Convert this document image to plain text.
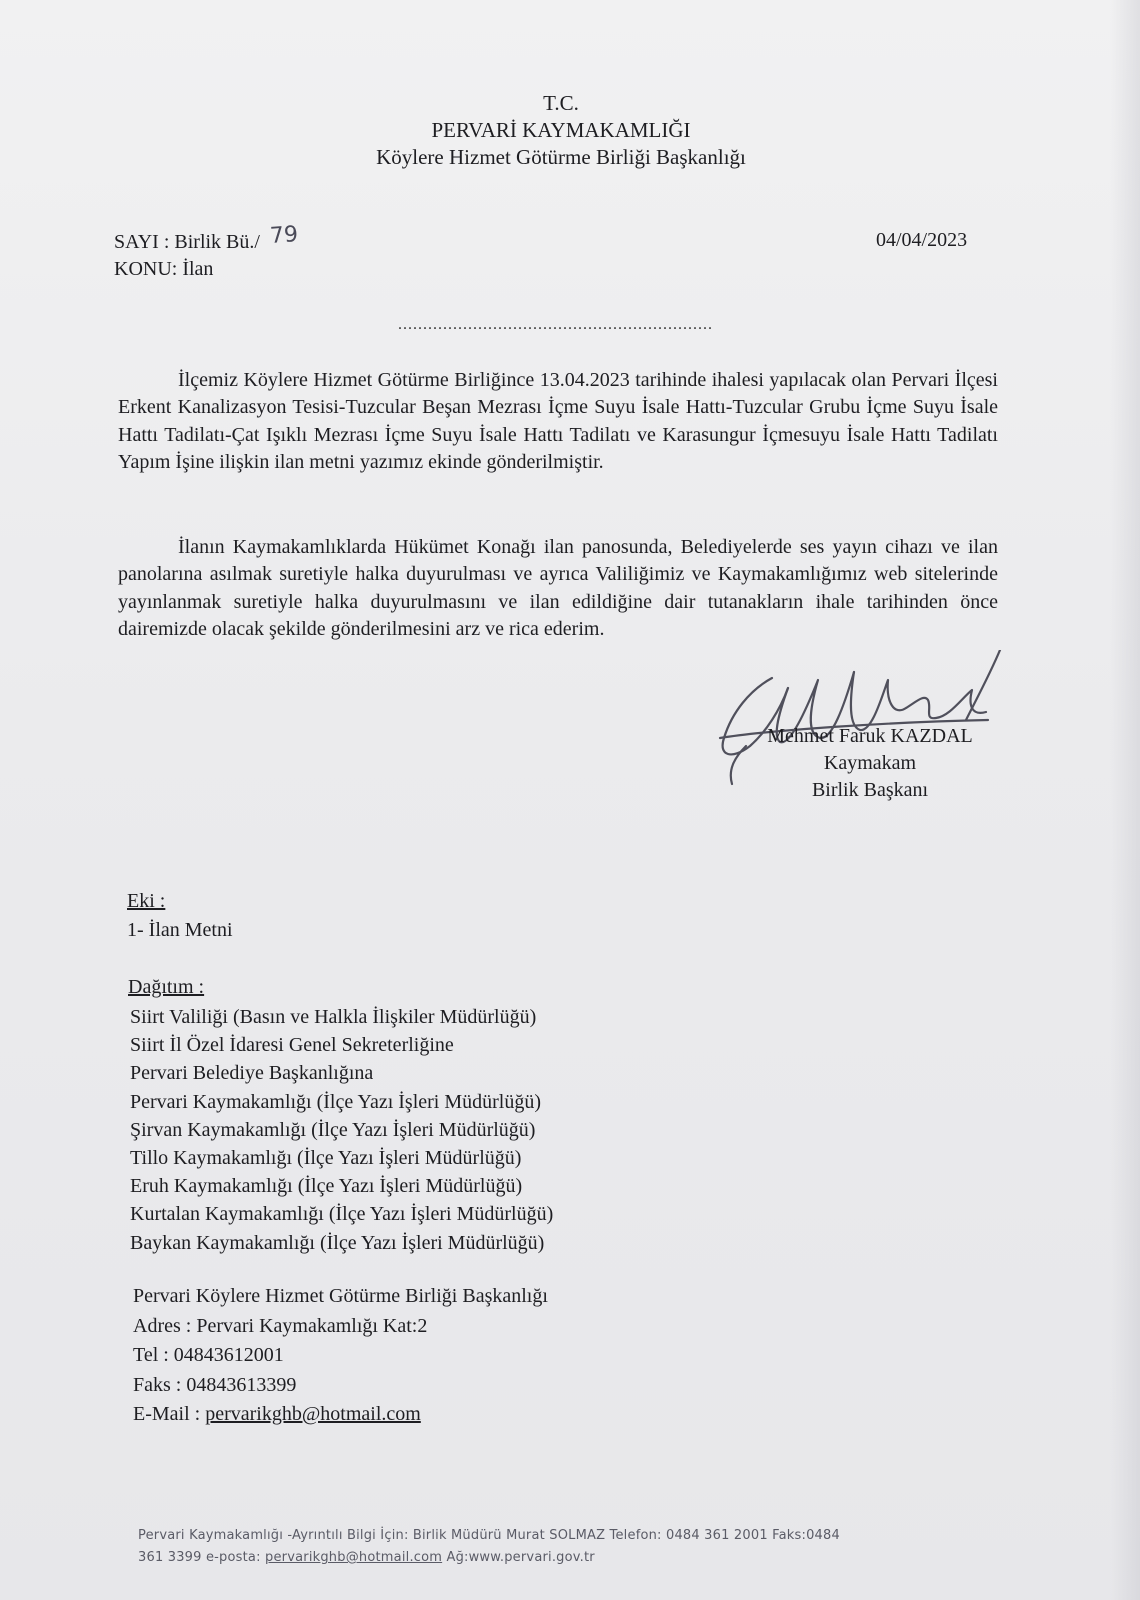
T.C.
PERVARİ KAYMAKAMLIĞI
Köylere Hizmet Götürme Birliği Başkanlığı
SAYI : Birlik Bü./ 79
KONU: İlan
04/04/2023
...............................................................

İlçemiz Köylere Hizmet Götürme Birliğince 13.04.2023 tarihinde ihalesi yapılacak olan Pervari İlçesi Erkent Kanalizasyon Tesisi-Tuzcular Beşan Mezrası İçme Suyu İsale Hattı-Tuzcular Grubu İçme Suyu İsale Hattı Tadilatı-Çat Işıklı Mezrası İçme Suyu İsale Hattı Tadilatı ve Karasungur İçmesuyu İsale Hattı Tadilatı Yapım İşine ilişkin ilan metni yazımız ekinde gönderilmiştir.

İlanın Kaymakamlıklarda Hükümet Konağı ilan panosunda, Belediyelerde ses yayın cihazı ve ilan panolarına asılmak suretiyle halka duyurulması ve ayrıca Valiliğimiz ve Kaymakamlığımız web sitelerinde yayınlanmak suretiyle halka duyurulmasını ve ilan edildiğine dair tutanakların ihale tarihinden önce dairemizde olacak şekilde gönderilmesini arz ve rica ederim.

Mehmet Faruk KAZDAL
Kaymakam
Birlik Başkanı
Eki :
1- İlan Metni
Dağıtım :
Siirt Valiliği (Basın ve Halkla İlişkiler Müdürlüğü)
Siirt İl Özel İdaresi Genel Sekreterliğine
Pervari Belediye Başkanlığına
Pervari Kaymakamlığı (İlçe Yazı İşleri Müdürlüğü)
Şirvan Kaymakamlığı (İlçe Yazı İşleri Müdürlüğü)
Tillo Kaymakamlığı (İlçe Yazı İşleri Müdürlüğü)
Eruh Kaymakamlığı (İlçe Yazı İşleri Müdürlüğü)
Kurtalan Kaymakamlığı (İlçe Yazı İşleri Müdürlüğü)
Baykan Kaymakamlığı (İlçe Yazı İşleri Müdürlüğü)
Pervari Köylere Hizmet Götürme Birliği Başkanlığı
Adres : Pervari Kaymakamlığı Kat:2
Tel : 04843612001
Faks : 04843613399
E-Mail : pervarikghb@hotmail.com
Pervari Kaymakamlığı -Ayrıntılı Bilgi İçin: Birlik Müdürü Murat SOLMAZ Telefon: 0484 361 2001 Faks:0484
361 3399 e-posta: pervarikghb@hotmail.com Ağ:www.pervari.gov.tr
